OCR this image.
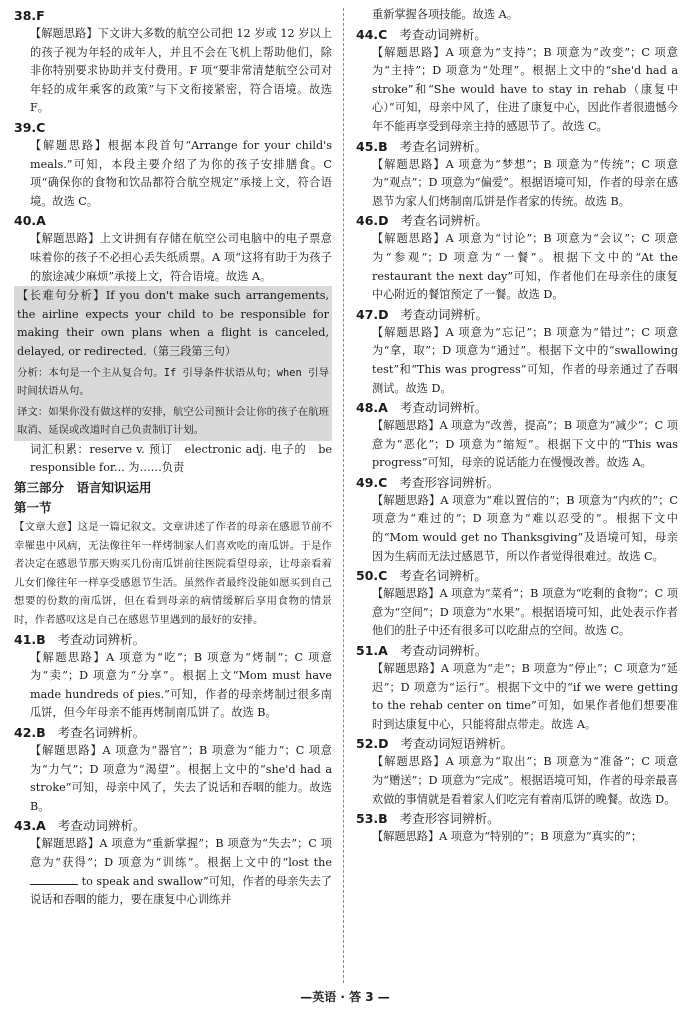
38.F

【解题思路】下文讲大多数的航空公司把 12 岁或 12 岁以上的孩子视为年轻的成年人，并且不会在飞机上帮助他们，除非你特别要求协助并支付费用。F 项“要非常清楚航空公司对年轻的成年乘客的政策”与下文衔接紧密，符合语境。故选 F。

39.C

【解题思路】根据本段首句“Arrange for your child's meals.”可知，本段主要介绍了为你的孩子安排膳食。C 项“确保你的食物和饮品都符合航空规定”承接上文，符合语境。故选 C。

40.A

【解题思路】上文讲拥有存储在航空公司电脑中的电子票意味着你的孩子不必担心丢失纸质票。A 项“这将有助于为孩子的旅途减少麻烦”承接上文，符合语境。故选 A。

【长难句分析】If you don't make such arrangements, the airline expects your child to be responsible for making their own plans when a flight is canceled, delayed, or redirected.（第三段第三句）

分析：本句是一个主从复合句。If 引导条件状语从句；when 引导时间状语从句。

译文：如果你没有做这样的安排，航空公司预计会让你的孩子在航班取消、延误或改道时自己负责制订计划。

词汇积累：reserve v. 预订　electronic adj. 电子的　be responsible for... 为……负责

第三部分　语言知识运用
第一节

【文章大意】这是一篇记叙文。文章讲述了作者的母亲在感恩节前不幸罹患中风病，无法像往年一样烤制家人们喜欢吃的南瓜饼。于是作者决定在感恩节那天购买几份南瓜饼前往医院看望母亲，让母亲看着儿女们像往年一样享受感恩节生活。虽然作者最终没能如愿买到自己想要的份数的南瓜饼，但在看到母亲的病情缓解后享用食物的情景时，作者感叹这是自己在感恩节里遇到的最好的安排。

41.B 考查动词辨析。

【解题思路】A 项意为“吃”；B 项意为“烤制”；C 项意为“卖”；D 项意为“分享”。根据上文“Mom must have made hundreds of pies.”可知，作者的母亲烤制过很多南瓜饼，但今年母亲不能再烤制南瓜饼了。故选 B。

42.B 考查名词辨析。

【解题思路】A 项意为“器官”；B 项意为“能力”；C 项意为“力气”；D 项意为“渴望”。根据上文中的“she'd had a stroke”可知，母亲中风了，失去了说话和吞咽的能力。故选 B。

43.A 考查动词辨析。

【解题思路】A 项意为“重新掌握”；B 项意为“失去”；C 项意为“获得”；D 项意为“训练”。根据上文中的“lost the  to speak and swallow”可知，作者的母亲失去了说话和吞咽的能力，要在康复中心训练并

重新掌握各项技能。故选 A。

44.C 考查动词辨析。

【解题思路】A 项意为“支持”；B 项意为“改变”；C 项意为“主持”；D 项意为“处理”。根据上文中的“she'd had a stroke”和“She would have to stay in rehab（康复中心）”可知，母亲中风了，住进了康复中心，因此作者很遗憾今年不能再享受到母亲主持的感恩节了。故选 C。

45.B 考查名词辨析。

【解题思路】A 项意为“梦想”；B 项意为“传统”；C 项意为“观点”；D 项意为“偏爱”。根据语境可知，作者的母亲在感恩节为家人们烤制南瓜饼是作者家的传统。故选 B。

46.D 考查名词辨析。

【解题思路】A 项意为“讨论”；B 项意为“会议”；C 项意为“参观”；D 项意为“一餐”。根据下文中的“At the restaurant the next day”可知，作者他们在母亲住的康复中心附近的餐馆预定了一餐。故选 D。

47.D 考查动词辨析。

【解题思路】A 项意为“忘记”；B 项意为“错过”；C 项意为“拿，取”；D 项意为“通过”。根据下文中的“swallowing test”和“This was progress”可知，作者的母亲通过了吞咽测试。故选 D。

48.A 考查动词辨析。

【解题思路】A 项意为“改善，提高”；B 项意为“减少”；C 项意为“恶化”；D 项意为“缩短”。根据下文中的“This was progress”可知，母亲的说话能力在慢慢改善。故选 A。

49.C 考查形容词辨析。

【解题思路】A 项意为“难以置信的”；B 项意为“内疚的”；C 项意为“难过的”；D 项意为“难以忍受的”。根据下文中的“Mom would get no Thanksgiving”及语境可知，母亲因为生病而无法过感恩节，所以作者觉得很难过。故选 C。

50.C 考查名词辨析。

【解题思路】A 项意为“菜肴”；B 项意为“吃剩的食物”；C 项意为“空间”；D 项意为“水果”。根据语境可知，此处表示作者他们的肚子中还有很多可以吃甜点的空间。故选 C。

51.A 考查动词辨析。

【解题思路】A 项意为“走”；B 项意为“停止”；C 项意为“延迟”；D 项意为“运行”。根据下文中的“if we were getting to the rehab center on time”可知，如果作者他们想要准时到达康复中心，只能将甜点带走。故选 A。

52.D 考查动词短语辨析。

【解题思路】A 项意为“取出”；B 项意为“准备”；C 项意为“赠送”；D 项意为“完成”。根据语境可知，作者的母亲最喜欢做的事情就是看着家人们吃完有着南瓜饼的晚餐。故选 D。

53.B 考查形容词辨析。

【解题思路】A 项意为“特别的”；B 项意为“真实的”；

—英语 · 答 3 —
